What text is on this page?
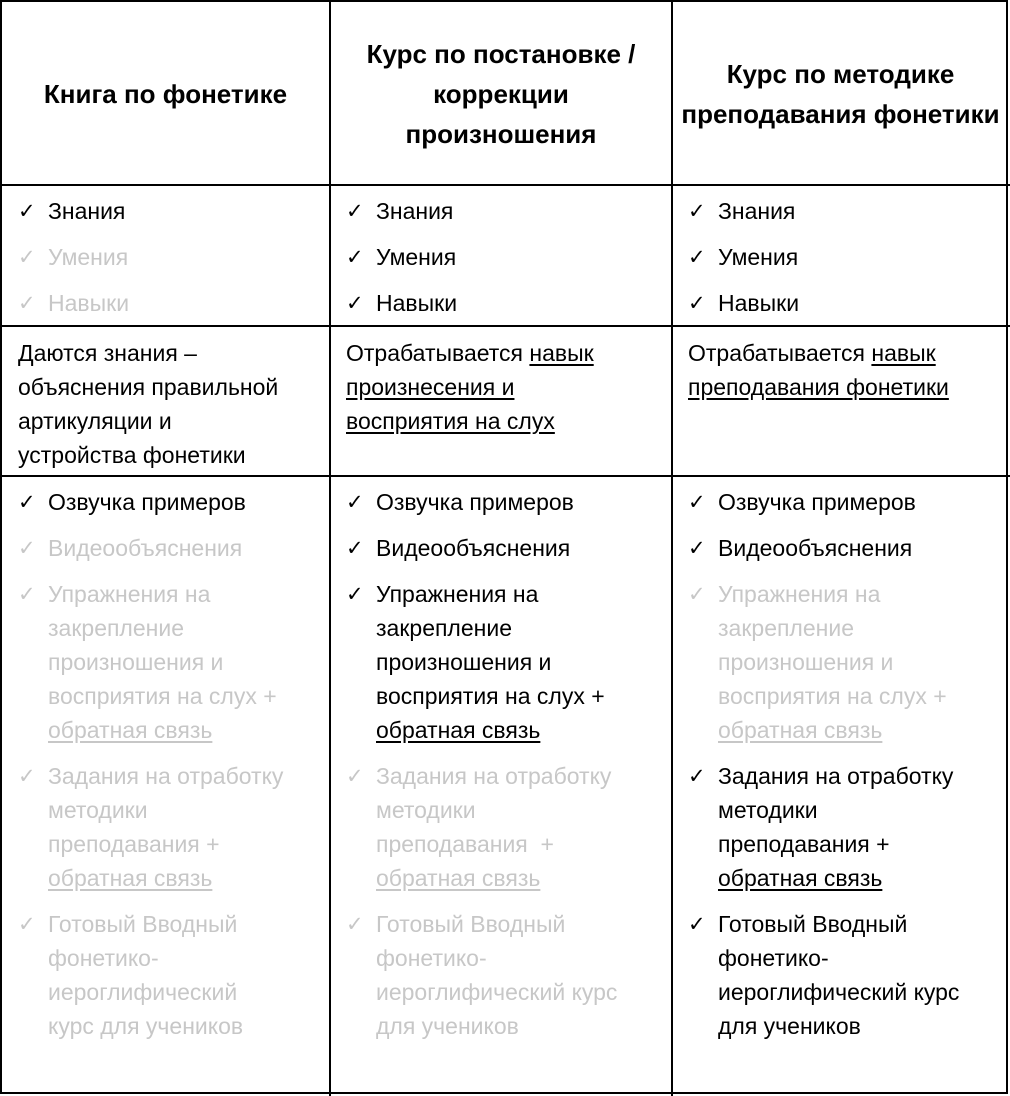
Книга по фонетике
Курс по постановке /коррекции произношения
Курс по методике преподавания фонетики
✓ Знания
✓ Умения
✓ Навыки
✓ Знания
✓ Умения
✓ Навыки
✓ Знания
✓ Умения
✓ Навыки

Даются знания –
объяснения правильной
артикуляции и
устройства фонетики

Отрабатывается навык
произнесения и
восприятия на слух

Отрабатывается навык
преподавания фонетики

✓ Озвучка примеров
✓ Видеообъяснения
✓ Упражнения на
закрепление
произношения и
восприятия на слух +
обратная связь
✓ Задания на отработку
методики
преподавания +
обратная связь
✓ Готовый Вводный
фонетико-
иероглифический
курс для учеников
✓ Озвучка примеров
✓ Видеообъяснения
✓ Упражнения на
закрепление
произношения и
восприятия на слух +
обратная связь
✓ Задания на отработку
методики
преподавания  +
обратная связь
✓ Готовый Вводный
фонетико-
иероглифический курс
для учеников
✓ Озвучка примеров
✓ Видеообъяснения
✓ Упражнения на
закрепление
произношения и
восприятия на слух +
обратная связь
✓ Задания на отработку
методики
преподавания +
обратная связь
✓ Готовый Вводный
фонетико-
иероглифический курс
для учеников
